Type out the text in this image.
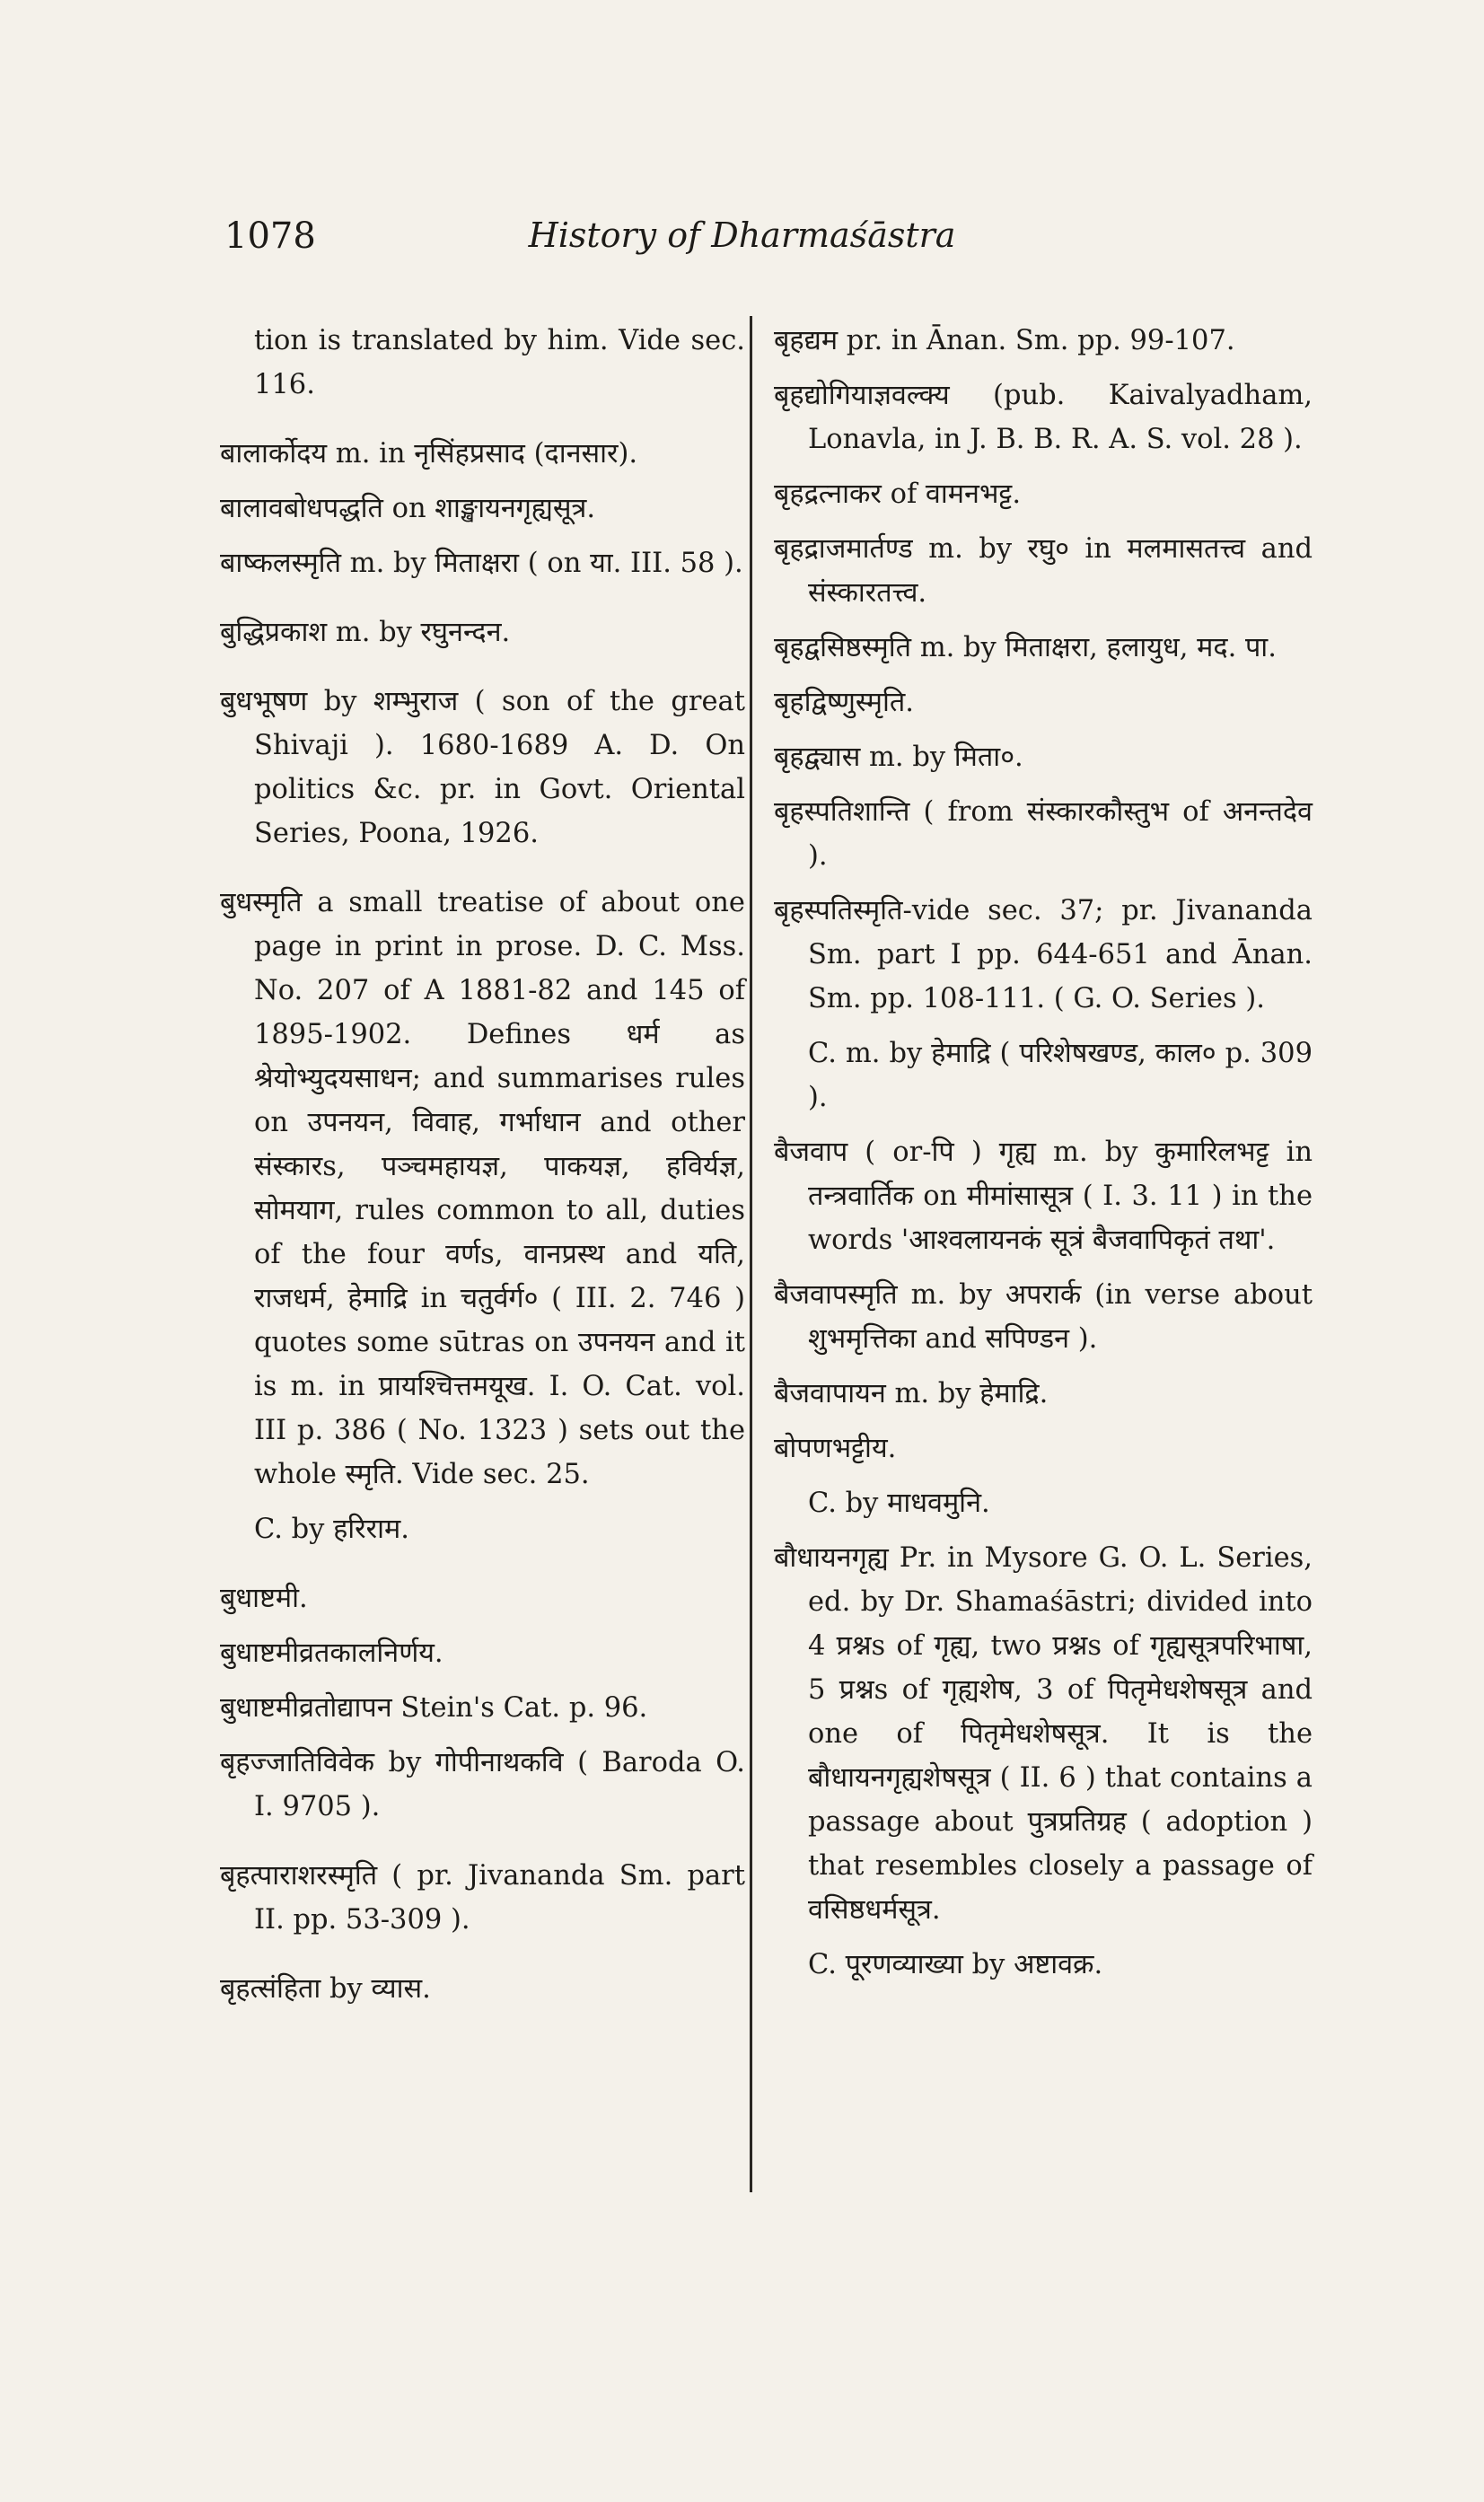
1078	History of Dharmaśāstra

tion is translated by him. Vide sec. 116.

बालार्कोदय m. in नृसिंहप्रसाद (दानसार).

बालावबोधपद्धति on शाङ्खायनगृह्यसूत्र.

बाष्कलस्मृति m. by मिताक्षरा ( on या. III. 58 ).

बुद्धिप्रकाश m. by रघुनन्दन.

बुधभूषण by शम्भुराज ( son of the great Shivaji ). 1680-1689 A. D. On politics &c. pr. in Govt. Oriental Series, Poona, 1926.

बुधस्मृति a small treatise of about one page in print in prose. D. C. Mss. No. 207 of A 1881-82 and 145 of 1895-1902. Defines धर्म as श्रेयोभ्युदयसाधन; and summarises rules on उपनयन, विवाह, गर्भाधान and other संस्कारs, पञ्चमहायज्ञ, पाकयज्ञ, हविर्यज्ञ, सोमयाग, rules common to all, duties of the four वर्णs, वानप्रस्थ and यति, राजधर्म, हेमाद्रि in चतुर्वर्ग० ( III. 2. 746 ) quotes some sūtras on उपनयन and it is m. in प्रायश्चित्तमयूख. I. O. Cat. vol. III p. 386 ( No. 1323 ) sets out the whole स्मृति. Vide sec. 25.

C. by हरिराम.

बुधाष्टमी.

बुधाष्टमीव्रतकालनिर्णय.

बुधाष्टमीव्रतोद्यापन Stein's Cat. p. 96.

बृहज्जातिविवेक by गोपीनाथकवि ( Baroda O. I. 9705 ).

बृहत्पाराशरस्मृति ( pr. Jivananda Sm. part II. pp. 53-309 ).

बृहत्संहिता by व्यास.

बृहद्यम pr. in Ānan. Sm. pp. 99-107.

बृहद्योगियाज्ञवल्क्य (pub. Kaivalyadham, Lonavla, in J. B. B. R. A. S. vol. 28 ).

बृहद्रत्नाकर of वामनभट्ट.

बृहद्राजमार्तण्ड m. by रघु० in मलमासतत्त्व and संस्कारतत्त्व.

बृहद्वसिष्ठस्मृति m. by मिताक्षरा, हलायुध, मद. पा.

बृहद्विष्णुस्मृति.

बृहद्व्यास m. by मिता०.

बृहस्पतिशान्ति ( from संस्कारकौस्तुभ of अनन्तदेव ).

बृहस्पतिस्मृति-vide sec. 37; pr. Jivananda Sm. part I pp. 644-651 and Ānan. Sm. pp. 108-111. ( G. O. Series ).

C. m. by हेमाद्रि ( परिशेषखण्ड, काल० p. 309 ).

बैजवाप ( or-पि ) गृह्य m. by कुमारिलभट्ट in तन्त्रवार्तिक on मीमांसासूत्र ( I. 3. 11 ) in the words 'आश्वलायनकं सूत्रं बैजवापिकृतं तथा'.

बैजवापस्मृति m. by अपरार्क (in verse about शुभमृत्तिका and सपिण्डन ).

बैजवापायन m. by हेमाद्रि.

बोपणभट्टीय.

C. by माधवमुनि.

बौधायनगृह्य Pr. in Mysore G. O. L. Series, ed. by Dr. Shamaśāstri; divided into 4 प्रश्नs of गृह्य, two प्रश्नs of गृह्यसूत्रपरिभाषा, 5 प्रश्नs of गृह्यशेष, 3 of पितृमेधशेषसूत्र and one of पितृमेधशेषसूत्र. It is the बौधायनगृह्यशेषसूत्र ( II. 6 ) that contains a passage about पुत्रप्रतिग्रह ( adoption ) that resembles closely a passage of वसिष्ठधर्मसूत्र.

C. पूरणव्याख्या by अष्टावक्र.
